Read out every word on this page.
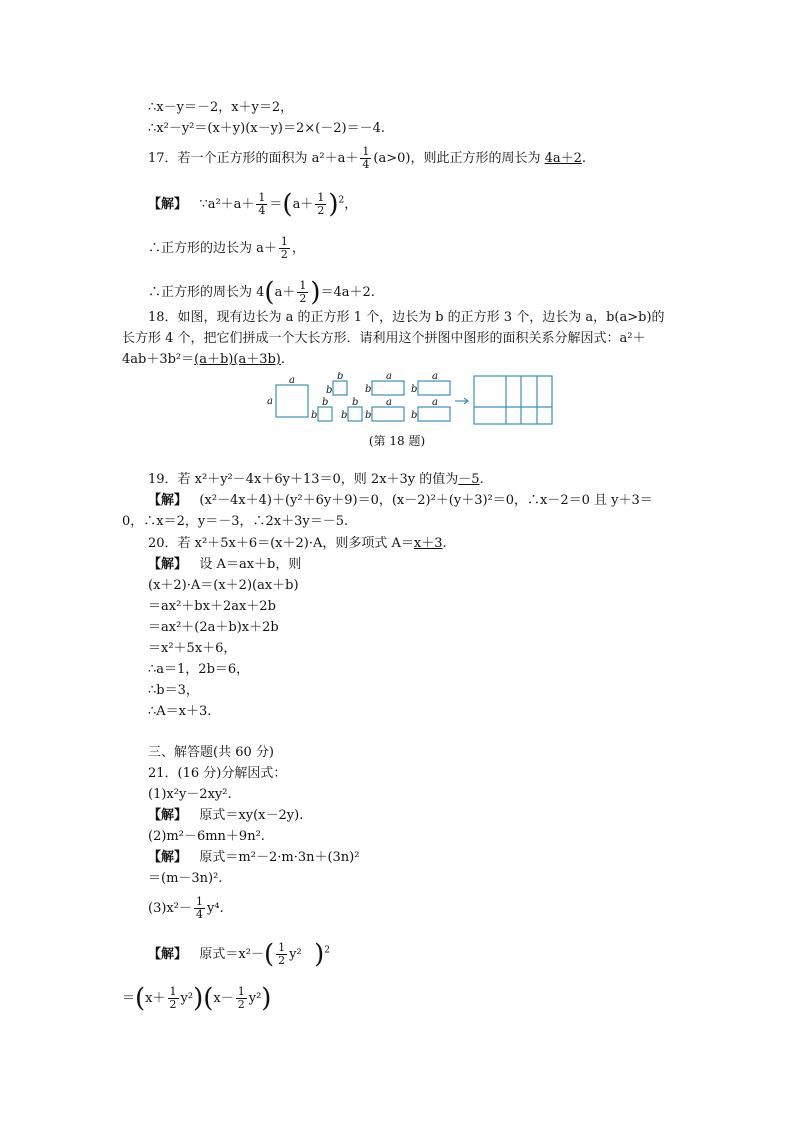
∴x－y＝－2，x＋y＝2，
∴x²－y²＝(x＋y)(x－y)＝2×(－2)＝－4.
17．若一个正方形的面积为 $a^2+a+ \frac{1}{4} (a>0)$，则此正方形的周长为 4a＋2.
【解】 ∵a²＋a＋ $\frac{1}{4} =(a+ \frac{1}{2} )^2$，
∴正方形的边长为 $a+ \frac{1}{2}$ ，
∴正方形的周长为 $4(a+ \frac{1}{2} )=4a+2$.
18．如图，现有边长为 a 的正方形 1 个，边长为 b 的正方形 3 个，边长为 a，b(a>b)的
长方形 4 个，把它们拼成一个大长方形．请利用这个拼图中图形的面积关系分解因式：a²＋
4ab＋3b²＝(a＋b)(a＋3b).
a
a
b
b
b
b b
b
a
b
a
b
a
b
a
b
(第 18 题)
19．若 x²＋y²－4x＋6y＋13＝0，则 2x＋3y 的值为－5.
【解】 (x²－4x＋4)＋(y²＋6y＋9)＝0，(x－2)²＋(y＋3)²＝0，∴x－2＝0 且 y＋3＝
0，∴x＝2，y＝－3，∴2x＋3y＝－5.
20．若 x²＋5x＋6＝(x＋2)·A，则多项式 A＝x＋3.
【解】 设 A＝ax＋b，则
(x＋2)·A＝(x＋2)(ax＋b)
＝ax²＋bx＋2ax＋2b
＝ax²＋(2a＋b)x＋2b
＝x²＋5x＋6，
∴a＝1，2b＝6，
∴b＝3，
∴A＝x＋3.
三、解答题(共 60 分)
21．(16 分)分解因式：
(1)x²y－2xy².
【解】 原式＝xy(x－2y).
(2)m²－6mn＋9n².
【解】 原式＝m²－2·m·3n＋(3n)²
＝(m－3n)².
$(3)x^2- \frac{1}{4} y^4$.
【解】 原式$=x^2-( \frac{1}{2} y^2$ )$^2$
$=(x+ \frac{1}{2} y^2)(x- \frac{1}{2} y^2)$
